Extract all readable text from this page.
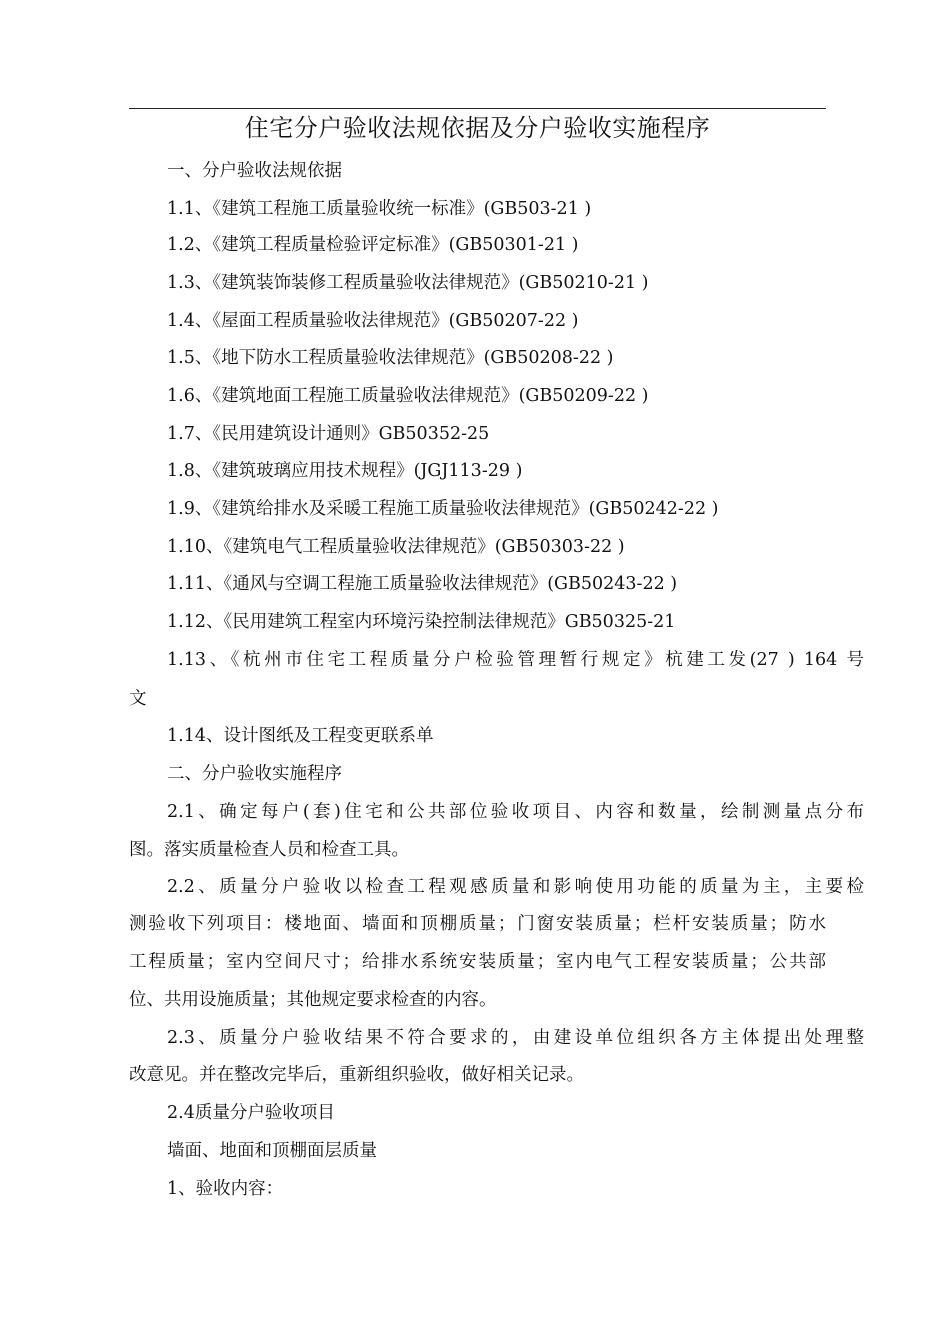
住宅分户验收法规依据及分户验收实施程序
一、分户验收法规依据
1.1、《建筑工程施工质量验收统一标准》(GB503-21 )
1.2、《建筑工程质量检验评定标准》(GB50301-21 )
1.3、《建筑装饰装修工程质量验收法律规范》(GB50210-21 )
1.4、《屋面工程质量验收法律规范》(GB50207-22 )
1.5、《地下防水工程质量验收法律规范》(GB50208-22 )
1.6、《建筑地面工程施工质量验收法律规范》(GB50209-22 )
1.7、《民用建筑设计通则》GB50352-25
1.8、《建筑玻璃应用技术规程》(JGJ113-29 )
1.9、《建筑给排水及采暖工程施工质量验收法律规范》(GB50242-22 )
1.10、《建筑电气工程质量验收法律规范》(GB50303-22 )
1.11、《通风与空调工程施工质量验收法律规范》(GB50243-22 )
1.12、《民用建筑工程室内环境污染控制法律规范》GB50325-21
1.13、《杭州市住宅工程质量分户检验管理暂行规定》杭建工发(27 ) 164 号
文
1.14、设计图纸及工程变更联系单
二、分户验收实施程序
2.1、确定每户(套)住宅和公共部位验收项目、内容和数量，绘制测量点分布
图。落实质量检查人员和检查工具。
2.2、质量分户验收以检查工程观感质量和影响使用功能的质量为主，主要检
测验收下列项目：楼地面、墙面和顶棚质量；门窗安装质量；栏杆安装质量；防水
工程质量；室内空间尺寸；给排水系统安装质量；室内电气工程安装质量；公共部
位、共用设施质量；其他规定要求检查的内容。
2.3、质量分户验收结果不符合要求的，由建设单位组织各方主体提出处理整
改意见。并在整改完毕后，重新组织验收，做好相关记录。
2.4质量分户验收项目
墙面、地面和顶棚面层质量
1、验收内容：
